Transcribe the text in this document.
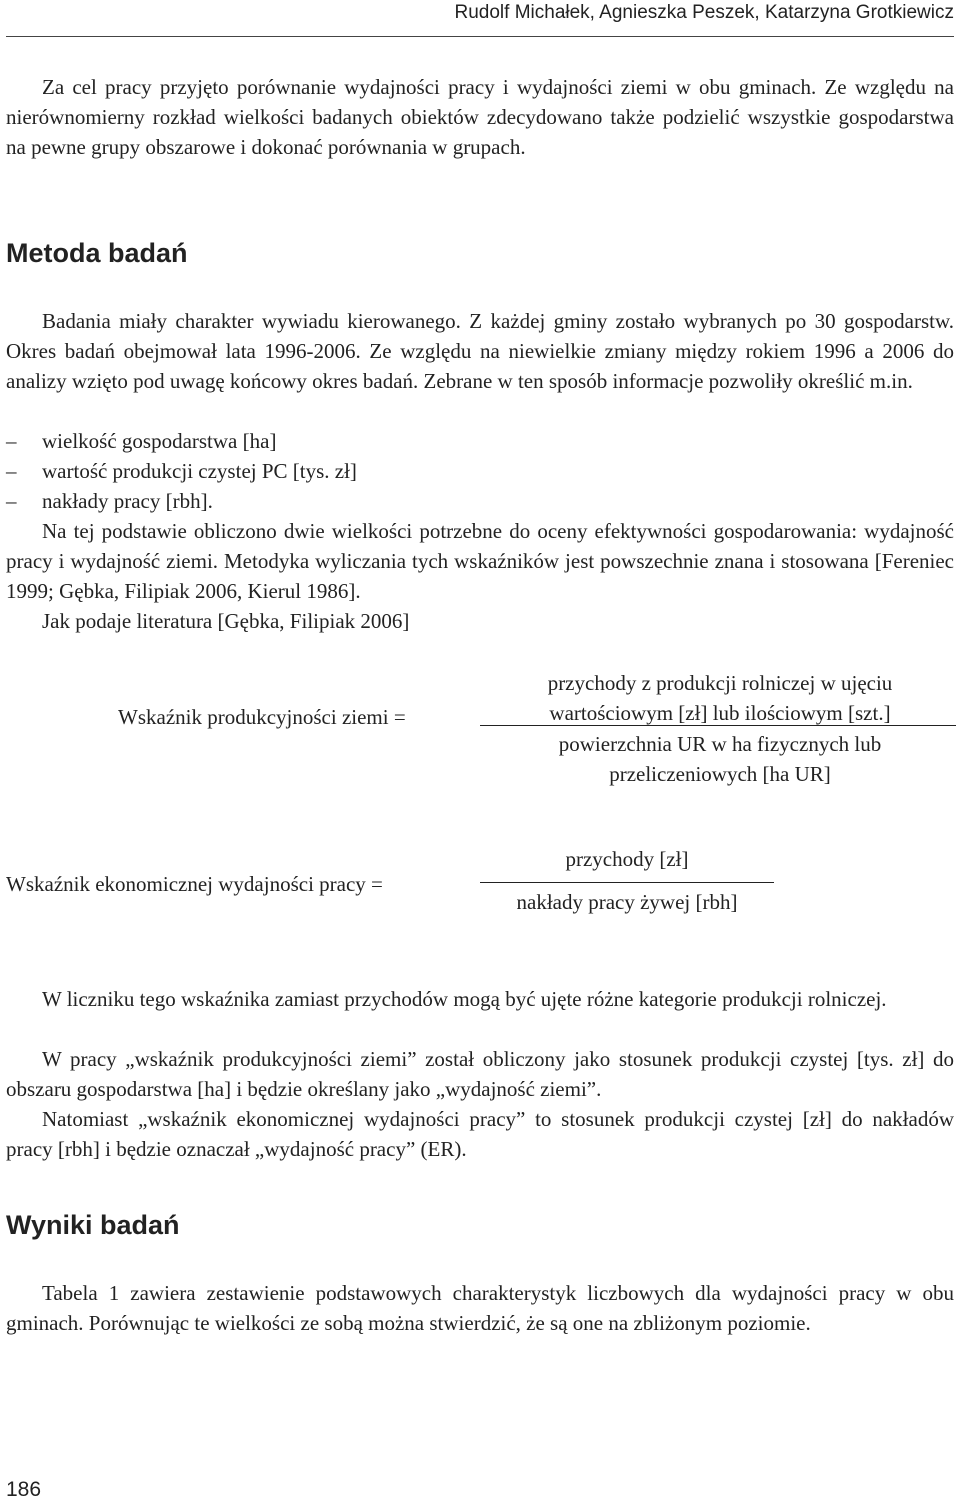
Rudolf Michałek, Agnieszka Peszek, Katarzyna Grotkiewicz

Za cel pracy przyjęto porównanie wydajności pracy i wydajności ziemi w obu gminach. Ze względu na nierównomierny rozkład wielkości badanych obiektów zdecydowano także podzielić wszystkie gospodarstwa na pewne grupy obszarowe i dokonać porównania w grupach.

Metoda badań

Badania miały charakter wywiadu kierowanego. Z każdej gminy zostało wybranych po 30 gospodarstw. Okres badań obejmował lata 1996-2006. Ze względu na niewielkie zmiany między rokiem 1996 a 2006 do analizy wzięto pod uwagę końcowy okres badań. Zebrane w ten sposób informacje pozwoliły określić m.in.

– wielkość gospodarstwa [ha]
– wartość produkcji czystej PC [tys. zł]
– nakłady pracy [rbh].

Na tej podstawie obliczono dwie wielkości potrzebne do oceny efektywności gospodarowania: wydajność pracy i wydajność ziemi. Metodyka wyliczania tych wskaźników jest powszechnie znana i stosowana [Fereniec 1999; Gębka, Filipiak 2006, Kierul 1986].

Jak podaje literatura [Gębka, Filipiak 2006]

Wskaźnik produkcyjności ziemi =
przychody z produkcji rolniczej w ujęciu
wartościowym [zł] lub ilościowym [szt.]
powierzchnia UR w ha fizycznych lub
przeliczeniowych [ha UR]
Wskaźnik ekonomicznej wydajności pracy =
przychody [zł]
nakłady pracy żywej [rbh]

W liczniku tego wskaźnika zamiast przychodów mogą być ujęte różne kategorie produkcji rolniczej.

W pracy „wskaźnik produkcyjności ziemi” został obliczony jako stosunek produkcji czystej [tys. zł] do obszaru gospodarstwa [ha] i będzie określany jako „wydajność ziemi”.

Natomiast „wskaźnik ekonomicznej wydajności pracy” to stosunek produkcji czystej [zł] do nakładów pracy [rbh] i będzie oznaczał „wydajność pracy” (ER).

Wyniki badań

Tabela 1 zawiera zestawienie podstawowych charakterystyk liczbowych dla wydajności pracy w obu gminach. Porównując te wielkości ze sobą można stwierdzić, że są one na zbliżonym poziomie.

186
